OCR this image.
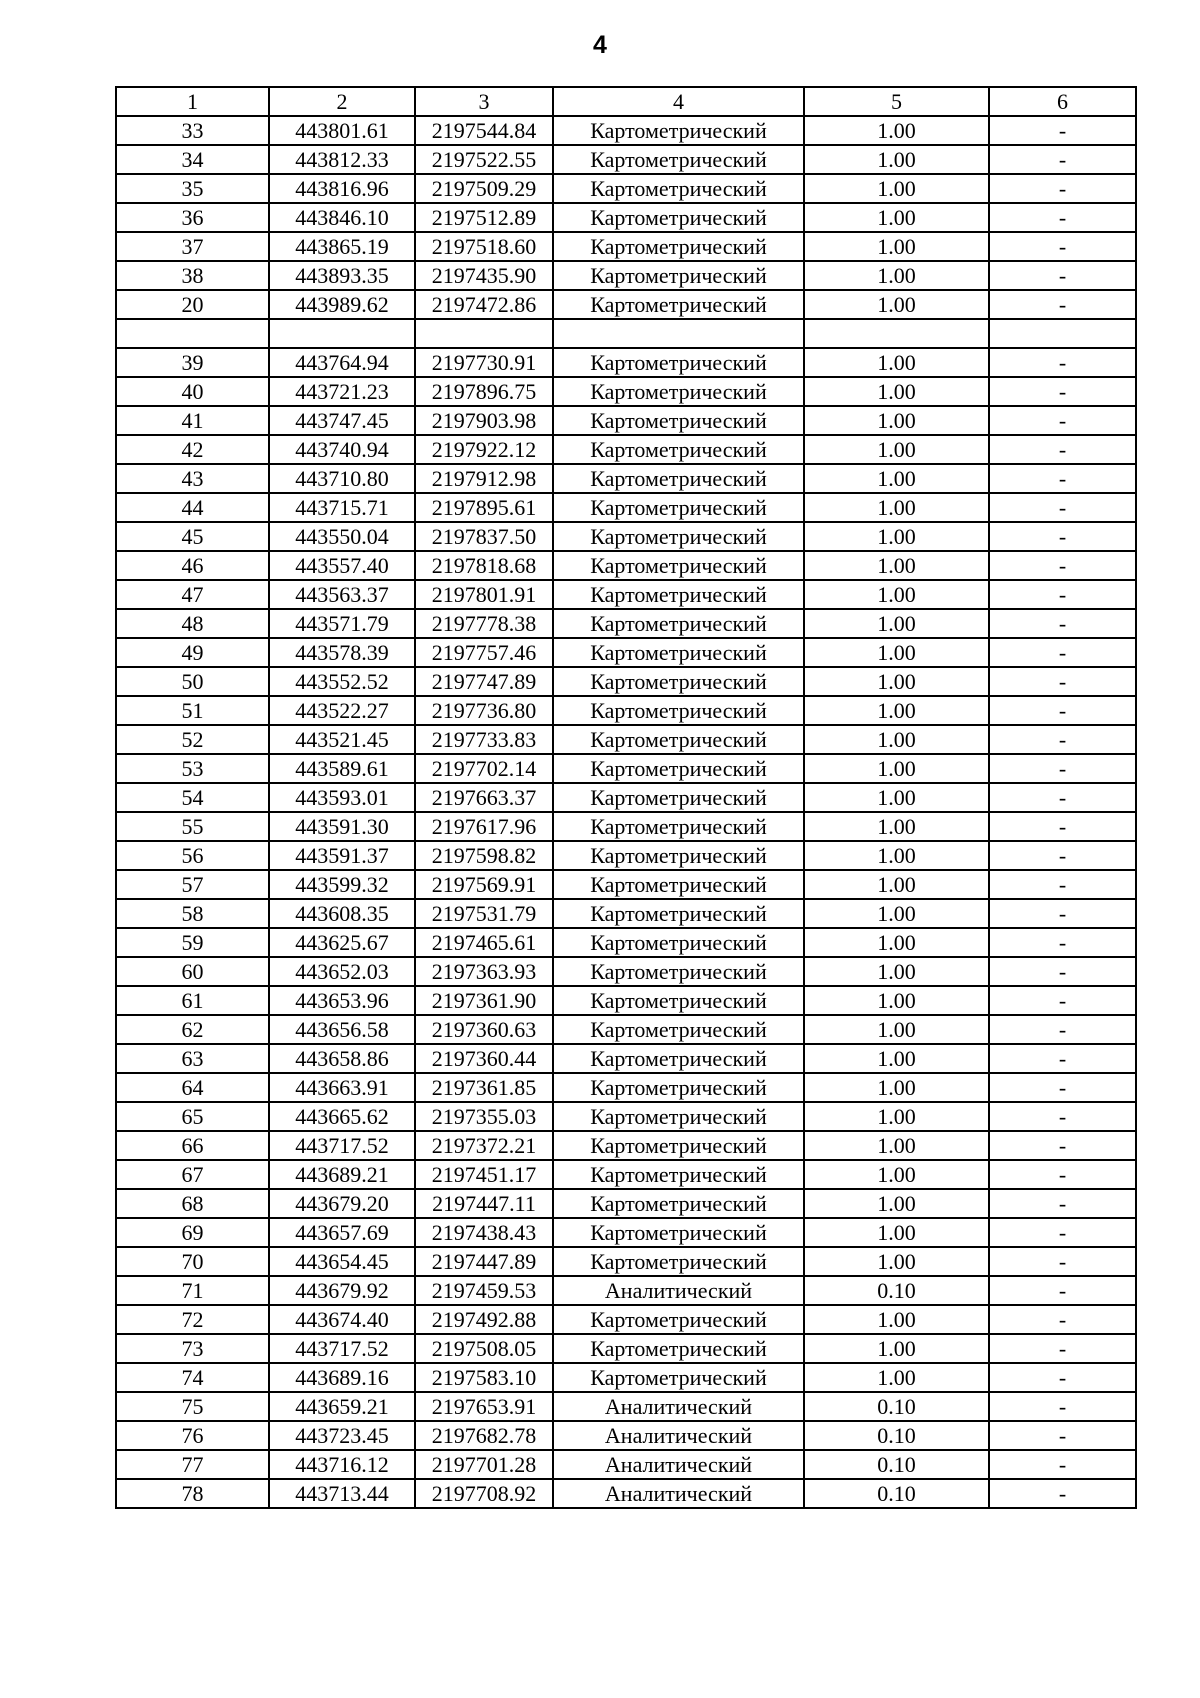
4
1	2	3	4	5	6
33	443801.61	2197544.84	Картометрический	1.00	-
34	443812.33	2197522.55	Картометрический	1.00	-
35	443816.96	2197509.29	Картометрический	1.00	-
36	443846.10	2197512.89	Картометрический	1.00	-
37	443865.19	2197518.60	Картометрический	1.00	-
38	443893.35	2197435.90	Картометрический	1.00	-
20	443989.62	2197472.86	Картометрический	1.00	-

39	443764.94	2197730.91	Картометрический	1.00	-
40	443721.23	2197896.75	Картометрический	1.00	-
41	443747.45	2197903.98	Картометрический	1.00	-
42	443740.94	2197922.12	Картометрический	1.00	-
43	443710.80	2197912.98	Картометрический	1.00	-
44	443715.71	2197895.61	Картометрический	1.00	-
45	443550.04	2197837.50	Картометрический	1.00	-
46	443557.40	2197818.68	Картометрический	1.00	-
47	443563.37	2197801.91	Картометрический	1.00	-
48	443571.79	2197778.38	Картометрический	1.00	-
49	443578.39	2197757.46	Картометрический	1.00	-
50	443552.52	2197747.89	Картометрический	1.00	-
51	443522.27	2197736.80	Картометрический	1.00	-
52	443521.45	2197733.83	Картометрический	1.00	-
53	443589.61	2197702.14	Картометрический	1.00	-
54	443593.01	2197663.37	Картометрический	1.00	-
55	443591.30	2197617.96	Картометрический	1.00	-
56	443591.37	2197598.82	Картометрический	1.00	-
57	443599.32	2197569.91	Картометрический	1.00	-
58	443608.35	2197531.79	Картометрический	1.00	-
59	443625.67	2197465.61	Картометрический	1.00	-
60	443652.03	2197363.93	Картометрический	1.00	-
61	443653.96	2197361.90	Картометрический	1.00	-
62	443656.58	2197360.63	Картометрический	1.00	-
63	443658.86	2197360.44	Картометрический	1.00	-
64	443663.91	2197361.85	Картометрический	1.00	-
65	443665.62	2197355.03	Картометрический	1.00	-
66	443717.52	2197372.21	Картометрический	1.00	-
67	443689.21	2197451.17	Картометрический	1.00	-
68	443679.20	2197447.11	Картометрический	1.00	-
69	443657.69	2197438.43	Картометрический	1.00	-
70	443654.45	2197447.89	Картометрический	1.00	-
71	443679.92	2197459.53	Аналитический	0.10	-
72	443674.40	2197492.88	Картометрический	1.00	-
73	443717.52	2197508.05	Картометрический	1.00	-
74	443689.16	2197583.10	Картометрический	1.00	-
75	443659.21	2197653.91	Аналитический	0.10	-
76	443723.45	2197682.78	Аналитический	0.10	-
77	443716.12	2197701.28	Аналитический	0.10	-
78	443713.44	2197708.92	Аналитический	0.10	-
